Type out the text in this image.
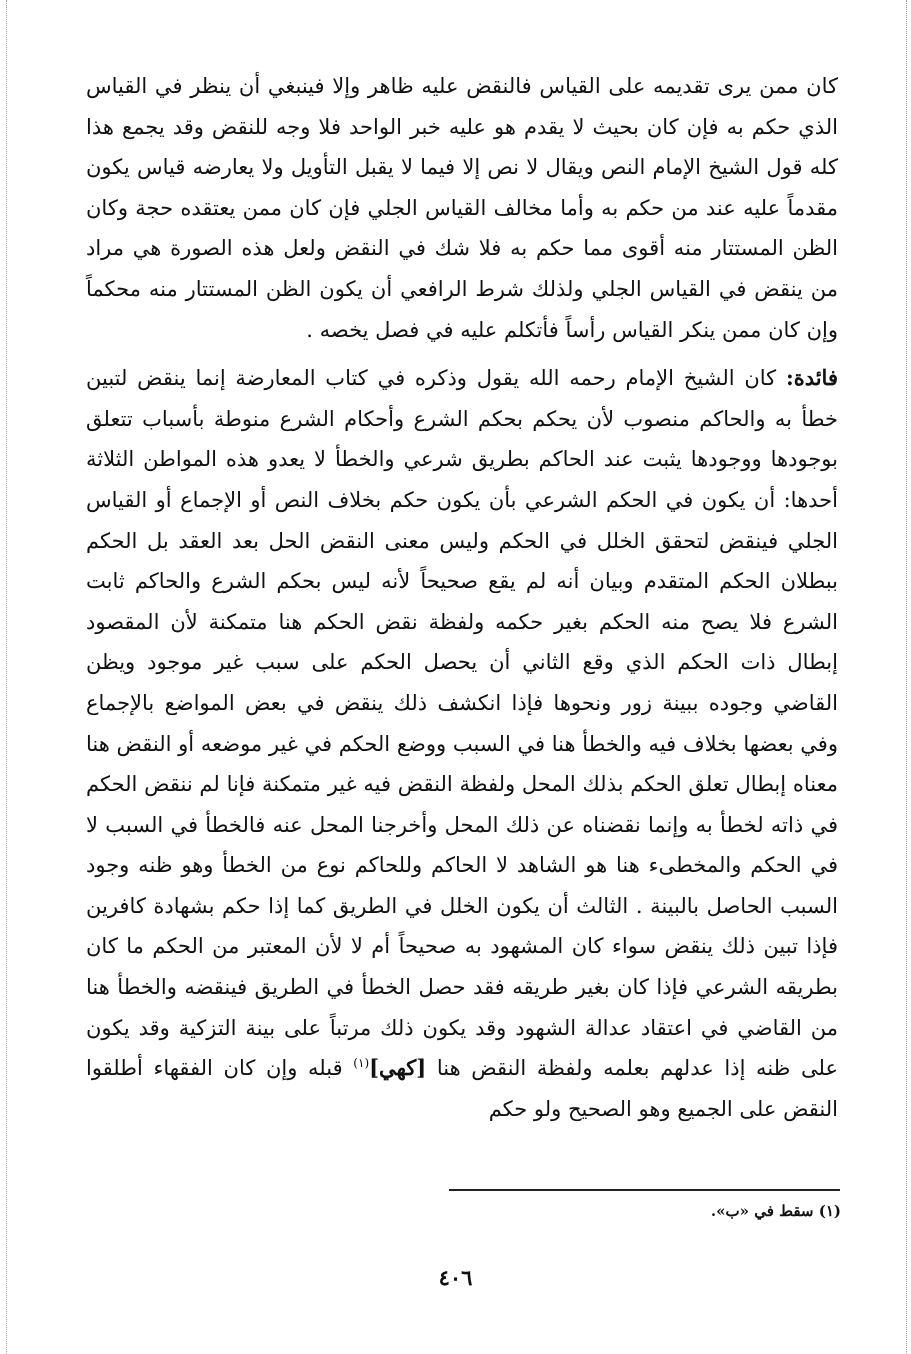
كان ممن يرى تقديمه على القياس فالنقض عليه ظاهر وإلا فينبغي أن ينظر في القياس الذي حكم به فإن كان بحيث لا يقدم هو عليه خبر الواحد فلا وجه للنقض وقد يجمع هذا كله قول الشيخ الإمام النص ويقال لا نص إلا فيما لا يقبل التأويل ولا يعارضه قياس يكون مقدماً عليه عند من حكم به وأما مخالف القياس الجلي فإن كان ممن يعتقده حجة وكان الظن المستتار منه أقوى مما حكم به فلا شك في النقض ولعل هذه الصورة هي مراد من ينقض في القياس الجلي ولذلك شرط الرافعي أن يكون الظن المستتار منه محكماً وإن كان ممن ينكر القياس رأساً فأتكلم عليه في فصل يخصه .

فائدة: كان الشيخ الإمام رحمه الله يقول وذكره في كتاب المعارضة إنما ينقض لتبين خطأ به والحاكم منصوب لأن يحكم بحكم الشرع وأحكام الشرع منوطة بأسباب تتعلق بوجودها ووجودها يثبت عند الحاكم بطريق شرعي والخطأ لا يعدو هذه المواطن الثلاثة أحدها: أن يكون في الحكم الشرعي بأن يكون حكم بخلاف النص أو الإجماع أو القياس الجلي فينقض لتحقق الخلل في الحكم وليس معنى النقض الحل بعد العقد بل الحكم ببطلان الحكم المتقدم وبيان أنه لم يقع صحيحاً لأنه ليس بحكم الشرع والحاكم ثابت الشرع فلا يصح منه الحكم بغير حكمه ولفظة نقض الحكم هنا متمكنة لأن المقصود إبطال ذات الحكم الذي وقع الثاني أن يحصل الحكم على سبب غير موجود ويظن القاضي وجوده ببينة زور ونحوها فإذا انكشف ذلك ينقض في بعض المواضع بالإجماع وفي بعضها بخلاف فيه والخطأ هنا في السبب ووضع الحكم في غير موضعه أو النقض هنا معناه إبطال تعلق الحكم بذلك المحل ولفظة النقض فيه غير متمكنة فإنا لم ننقض الحكم في ذاته لخطأ به وإنما نقضناه عن ذلك المحل وأخرجنا المحل عنه فالخطأ في السبب لا في الحكم والمخطىء هنا هو الشاهد لا الحاكم وللحاكم نوع من الخطأ وهو ظنه وجود السبب الحاصل بالبينة . الثالث أن يكون الخلل في الطريق كما إذا حكم بشهادة كافرين فإذا تبين ذلك ينقض سواء كان المشهود به صحيحاً أم لا لأن المعتبر من الحكم ما كان بطريقه الشرعي فإذا كان بغير طريقه فقد حصل الخطأ في الطريق فينقضه والخطأ هنا من القاضي في اعتقاد عدالة الشهود وقد يكون ذلك مرتباً على بينة التزكية وقد يكون على ظنه إذا عدلهم بعلمه ولفظة النقض هنا [كهي]$^{(١)}$ قبله وإن كان الفقهاء أطلقوا النقض على الجميع وهو الصحيح ولو حكم

(١) سقط في «ب».
٤٠٦
